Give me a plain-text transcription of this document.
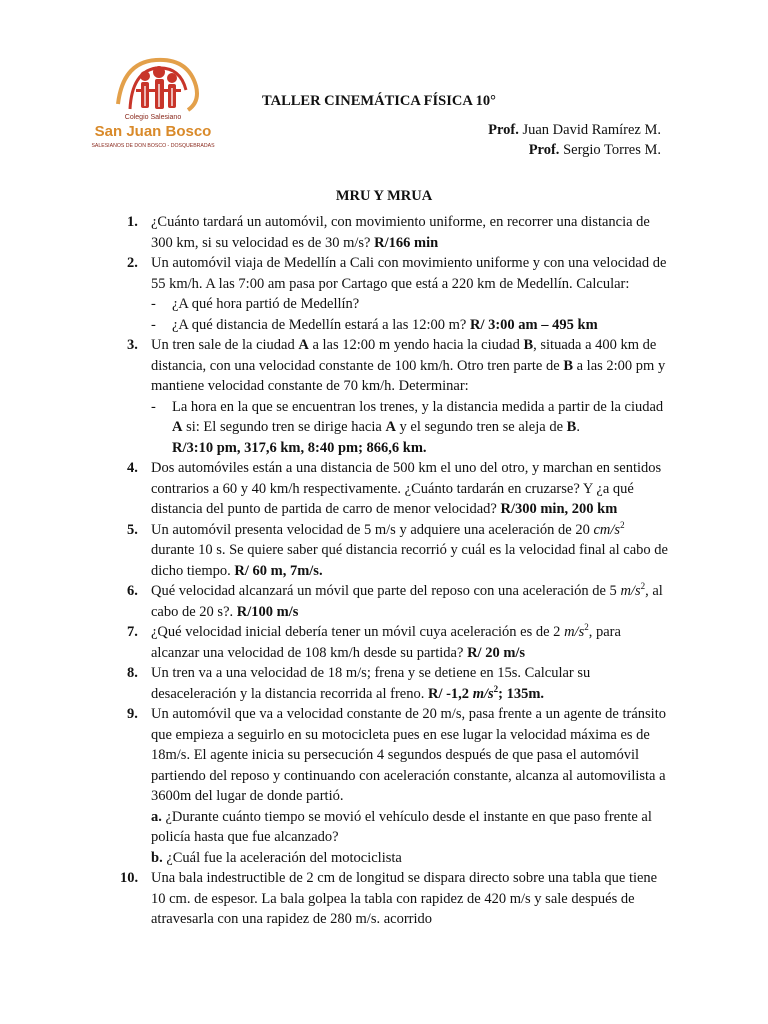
Colegio Salesiano
San Juan Bosco
SALESIANOS DE DON BOSCO - DOSQUEBRADAS
TALLER CINEMÁTICA FÍSICA 10°
Prof. Juan David Ramírez M.
Prof. Sergio Torres M.
MRU Y MRUA
1. ¿Cuánto tardará un automóvil, con movimiento uniforme, en recorrer una distancia de 300 km, si su velocidad es de 30 m/s? R/166 min
2. Un automóvil viaja de Medellín a Cali con movimiento uniforme y con una velocidad de 55 km/h. A las 7:00 am pasa por Cartago que está a 220 km de Medellín. Calcular:
- ¿A qué hora partió de Medellín?
- ¿A qué distancia de Medellín estará a las 12:00 m? R/ 3:00 am – 495 km
3. Un tren sale de la ciudad A a las 12:00 m yendo hacia la ciudad B, situada a 400 km de distancia, con una velocidad constante de 100 km/h. Otro tren parte de B a las 2:00 pm y mantiene velocidad constante de 70 km/h. Determinar:
- La hora en la que se encuentran los trenes, y la distancia medida a partir de la ciudad A si: El segundo tren se dirige hacia A y el segundo tren se aleja de B.
R/3:10 pm, 317,6 km, 8:40 pm; 866,6 km.
4. Dos automóviles están a una distancia de 500 km el uno del otro, y marchan en sentidos contrarios a 60 y 40 km/h respectivamente. ¿Cuánto tardarán en cruzarse? Y ¿a qué distancia del punto de partida de carro de menor velocidad? R/300 min, 200 km
5. Un automóvil presenta velocidad de 5 m/s y adquiere una aceleración de 20 $cm/s^2$ durante 10 s. Se quiere saber qué distancia recorrió y cuál es la velocidad final al cabo de dicho tiempo. R/ 60 m, 7m/s.
6. Qué velocidad alcanzará un móvil que parte del reposo con una aceleración de 5 $m/s^2$, al cabo de 20 s?. R/100 m/s
7. ¿Qué velocidad inicial debería tener un móvil cuya aceleración es de 2 $m/s^2$, para alcanzar una velocidad de 108 km/h desde su partida? R/ 20 m/s
8. Un tren va a una velocidad de 18 m/s; frena y se detiene en 15s. Calcular su desaceleración y la distancia recorrida al freno. R/ -1,2 $m/s^2$; 135m.
9. Un automóvil que va a velocidad constante de 20 m/s, pasa frente a un agente de tránsito que empieza a seguirlo en su motocicleta pues en ese lugar la velocidad máxima es de 18m/s. El agente inicia su persecución 4 segundos después de que pasa el automóvil partiendo del reposo y continuando con aceleración constante, alcanza al automovilista a 3600m del lugar de donde partió.
a. ¿Durante cuánto tiempo se movió el vehículo desde el instante en que paso frente al policía hasta que fue alcanzado?
b. ¿Cuál fue la aceleración del motociclista
10. Una bala indestructible de 2 cm de longitud se dispara directo sobre una tabla que tiene 10 cm. de espesor. La bala golpea la tabla con rapidez de 420 m/s y sale después de atravesarla con una rapidez de 280 m/s. acorrido
